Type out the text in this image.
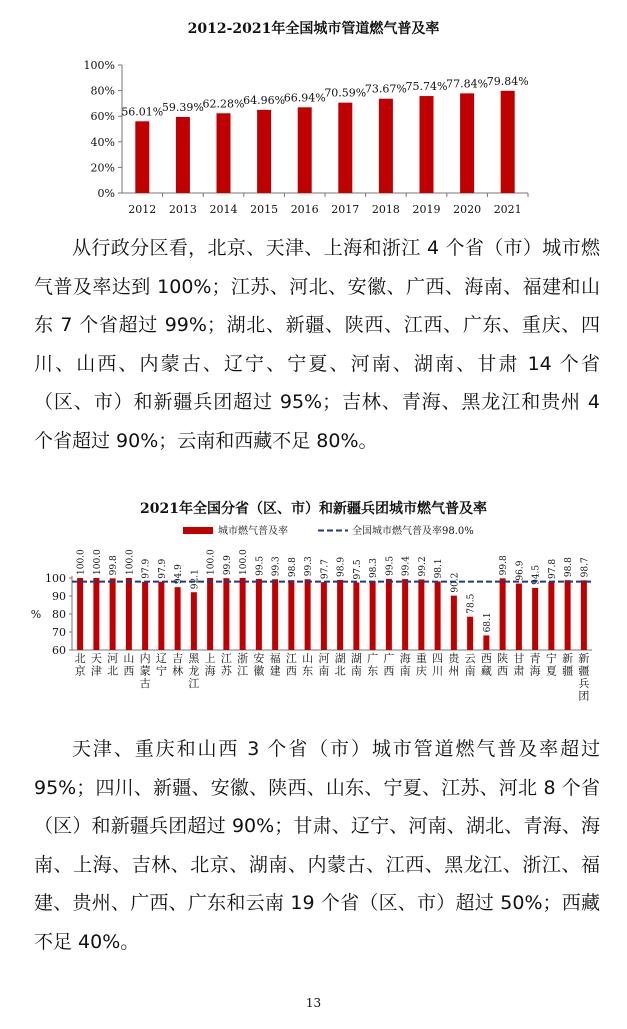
2012-2021年全国城市管道燃气普及率
0%
20%
40%
60%
80%
100%
56.01%
2012
59.39%
2013
62.28%
2014
64.96%
2015
66.94%
2016
70.59%
2017
73.67%
2018
75.74%
2019
77.84%
2020
79.84%
2021

从行政分区看，北京、天津、上海和浙江 4 个省（市）城市燃气普及率达到 100%；江苏、河北、安徽、广西、海南、福建和山东 7 个省超过 99%；湖北、新疆、陕西、江西、广东、重庆、四川、山西、内蒙古、辽宁、宁夏、河南、湖南、甘肃 14 个省（区、市）和新疆兵团超过 95%；吉林、青海、黑龙江和贵州 4 个省超过 90%；云南和西藏不足 80%。

2021年全国分省（区、市）和新疆兵团城市燃气普及率
城市燃气普及率	全国城市燃气普及率98.0%
60
70
80
90
100
%
100.0
北京
100.0
天津
99.8
河北
100.0
山西
97.9
内蒙古
97.9
辽宁
94.9
吉林
92.1
黑龙江
100.0
上海
99.9
江苏
100.0
浙江
99.5
安徽
99.3
福建
98.8
江西
99.3
山东
97.7
河南
98.9
湖北
97.5
湖南
98.3
广东
99.5
广西
99.4
海南
99.2
重庆
98.1
四川
90.2
贵州
78.5
云南
68.1
西藏
99.8
陕西
96.9
甘肃
94.5
青海
97.8
宁夏
98.8
新疆
98.7
新疆兵团

天津、重庆和山西 3 个省（市）城市管道燃气普及率超过 95%；四川、新疆、安徽、陕西、山东、宁夏、江苏、河北 8 个省（区）和新疆兵团超过 90%；甘肃、辽宁、河南、湖北、青海、海南、上海、吉林、北京、湖南、内蒙古、江西、黑龙江、浙江、福建、贵州、广西、广东和云南 19 个省（区、市）超过 50%；西藏不足 40%。

13
